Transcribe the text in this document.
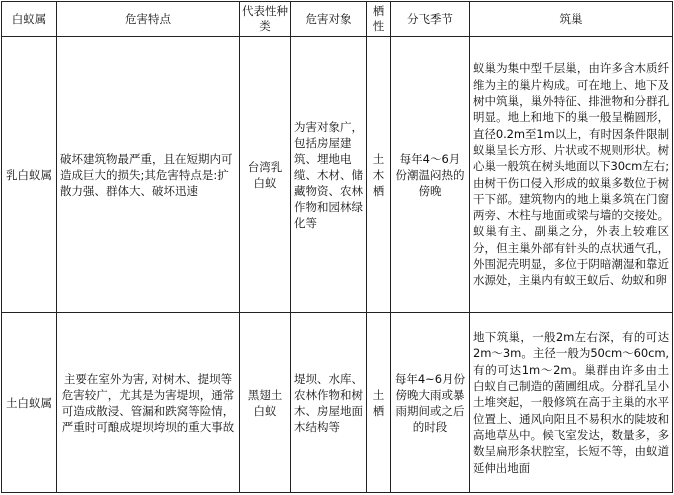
白蚁属	危害特点	代表性种类	危害对象	栖性	分飞季节	筑巢
乳白蚁属	破坏建筑物最严重，且在短期内可造成巨大的损失;其危害特点是:扩散力强、群体大、破坏迅速	台湾乳白蚁	为害对象广，包括房屋建筑、埋地电缆、木材、储藏物资、农林作物和园林绿化等	土木栖	每年4～6月份潮温闷热的傍晚	蚁巢为集中型千层巢，由许多含木质纤维为主的巢片构成。可在地上、地下及树中筑巢，巢外特征、排泄物和分群孔明显。地上和地下的巢一般呈椭圆形，直径0.2m至1m以上，有时因条件限制蚁巢呈长方形、片状或不规则形状。树心巢一般筑在树头地面以下30cm左右;由树干伤口侵入形成的蚁巢多数位于树干下部。建筑物内的地上巢多筑在门窗两旁、木柱与地面或梁与墙的交接处。蚁巢有主、副巢之分，外表上较难区分，但主巢外部有针头的点状通气孔，外围泥壳明显，多位于阴暗潮湿和靠近水源处，主巢内有蚁王蚁后、幼蚁和卵
土白蚁属	主要在室外为害, 对树木、提坝等危害较广，尤其是为害堤坝，通常可造成散浸、管漏和跌窝等险情，严重时可酿成堤坝垮坝的重大事故	黑翅土白蚁	堤坝、水库、农林作物和树木、房屋地面木结构等	土栖	每年4~6月份傍晚大雨或暴雨期间或之后的时段	地下筑巢，一般2m左右深，有的可达2m～3m。主径一般为50cm～60cm,有的可达1m～2m。巢群由许多由土白蚁自己制造的菌圃组成。分群孔呈小土堆突起，一般修筑在高于主巢的水平位置上、通风向阳且不易积水的陡坡和高地草丛中。候飞室发达，数量多，多数呈扁形条状腔室，长短不等，由蚁道延伸出地面
